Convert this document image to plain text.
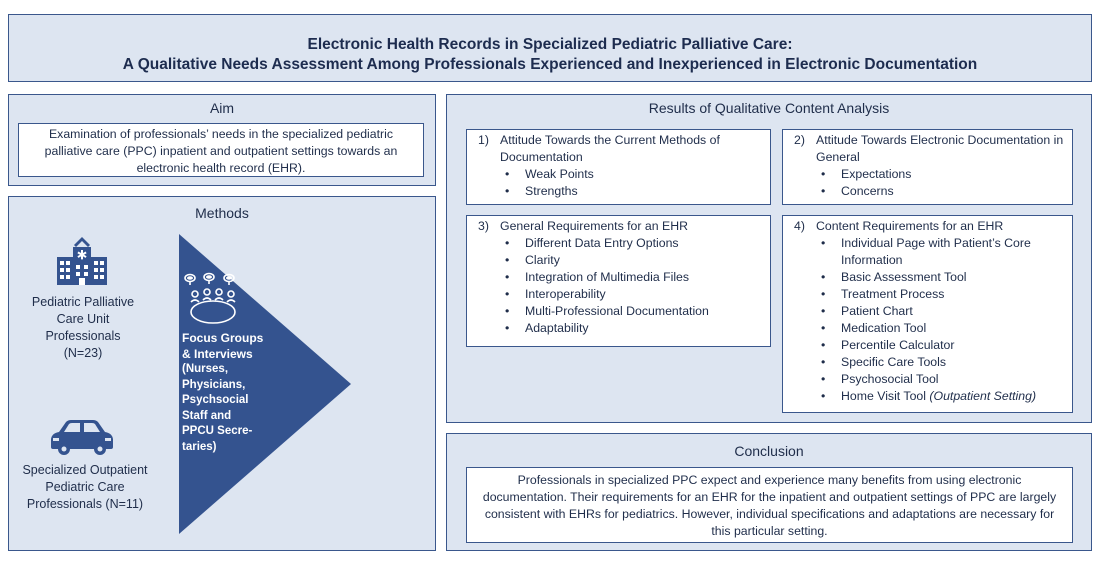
Electronic Health Records in Specialized Pediatric Palliative Care:
A Qualitative Needs Assessment Among Professionals Experienced and Inexperienced in Electronic Documentation
Aim
Examination of professionals’ needs in the specialized pediatric palliative care (PPC) inpatient and outpatient settings towards an electronic health record (EHR).
Methods
Pediatric Palliative
Care Unit
Professionals
(N=23)
Specialized Outpatient
Pediatric Care
Professionals (N=11)
Focus Groups
& Interviews
(Nurses,
Physicians,
Psychsocial
Staff and
PPCU Secre-
taries)
Results of Qualitative Content Analysis
1) Attitude Towards the Current Methods of Documentation
• Weak Points
• Strengths
2) Attitude Towards Electronic Documentation in General
• Expectations
• Concerns
3) General Requirements for an EHR
• Different Data Entry Options
• Clarity
• Integration of Multimedia Files
• Interoperability
• Multi-Professional Documentation
• Adaptability
4) Content Requirements for an EHR
• Individual Page with Patient’s Core Information
• Basic Assessment Tool
• Treatment Process
• Patient Chart
• Medication Tool
• Percentile Calculator
• Specific Care Tools
• Psychosocial Tool
• Home Visit Tool (Outpatient Setting)
Conclusion
Professionals in specialized PPC expect and experience many benefits from using electronic documentation. Their requirements for an EHR for the inpatient and outpatient settings of PPC are largely consistent with EHRs for pediatrics. However, individual specifications and adaptations are necessary for this particular setting.
